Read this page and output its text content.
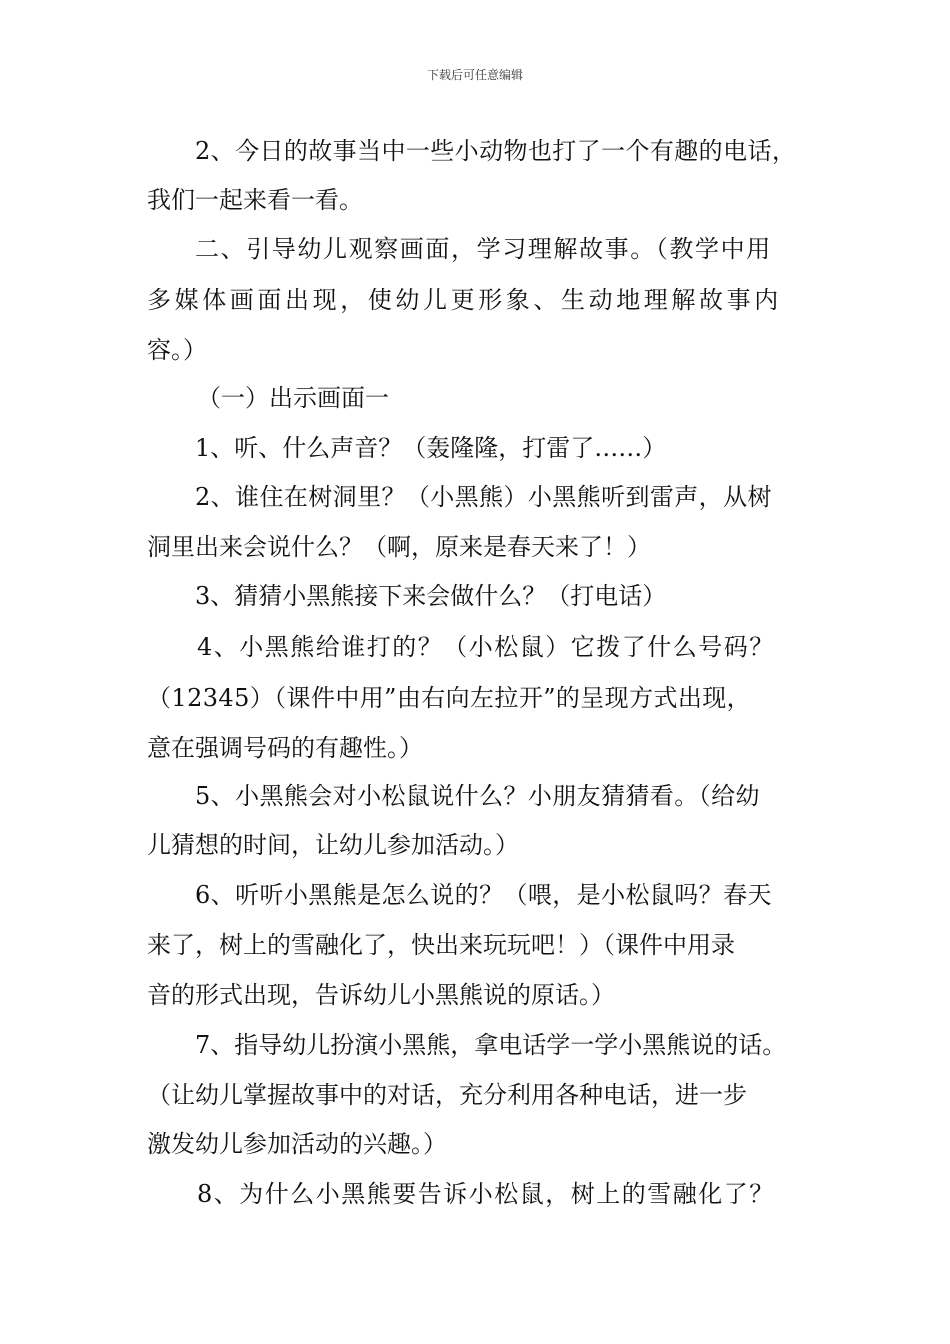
下载后可任意编辑
2、今日的故事当中一些小动物也打了一个有趣的电话，
我们一起来看一看。
二、引导幼儿观察画面，学习理解故事。（教学中用
多媒体画面出现，使幼儿更形象、生动地理解故事内
容。）
（一）出示画面一
1、听、什么声音？（轰隆隆，打雷了……）
2、谁住在树洞里？（小黑熊）小黑熊听到雷声，从树
洞里出来会说什么？（啊，原来是春天来了！）
3、猜猜小黑熊接下来会做什么？（打电话）
4、小黑熊给谁打的？（小松鼠）它拨了什么号码？
（12345）（课件中用”由右向左拉开”的呈现方式出现，
意在强调号码的有趣性。）
5、小黑熊会对小松鼠说什么？小朋友猜猜看。（给幼
儿猜想的时间，让幼儿参加活动。）
6、听听小黑熊是怎么说的？（喂，是小松鼠吗？春天
来了，树上的雪融化了，快出来玩玩吧！）（课件中用录
音的形式出现，告诉幼儿小黑熊说的原话。）
7、指导幼儿扮演小黑熊，拿电话学一学小黑熊说的话。
（让幼儿掌握故事中的对话，充分利用各种电话，进一步
激发幼儿参加活动的兴趣。）
8、为什么小黑熊要告诉小松鼠，树上的雪融化了？
